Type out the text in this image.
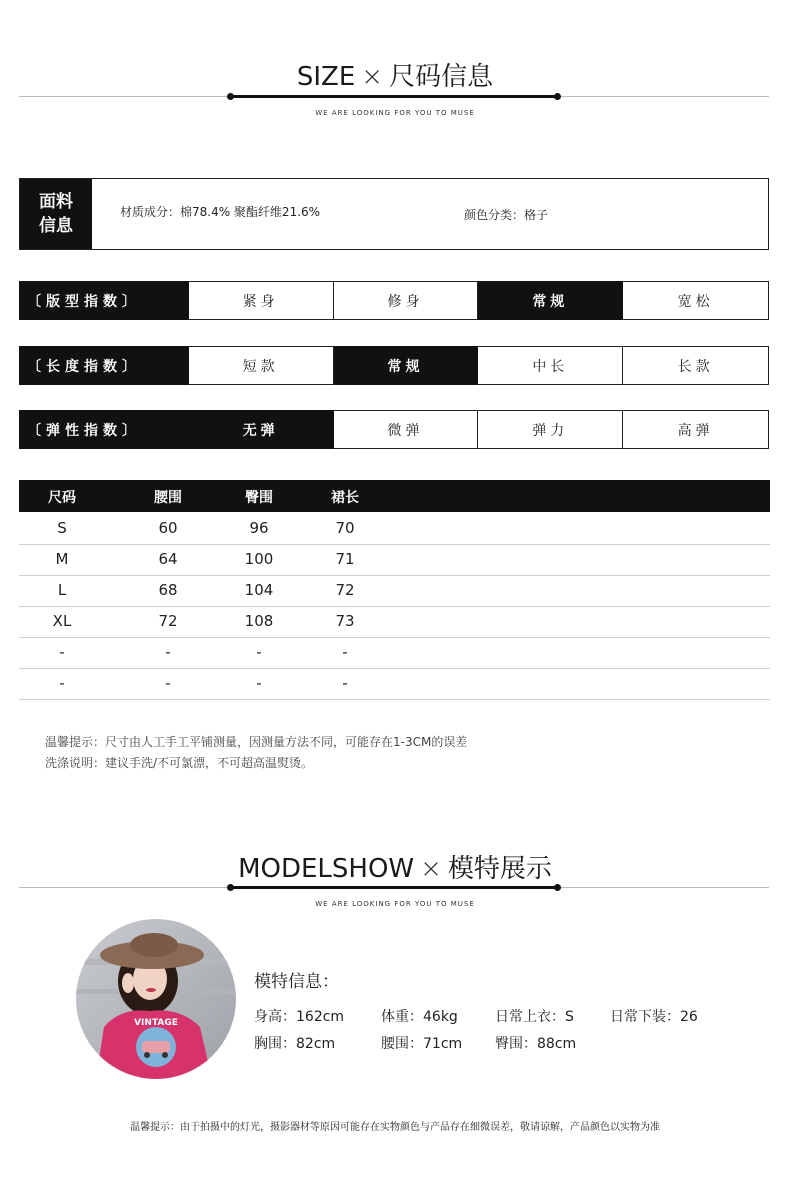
SIZE × 尺码信息
WE ARE LOOKING FOR YOU TO MUSE
面料
信息
材质成分：棉78.4% 聚酯纤维21.6%	颜色分类：格子
〔版型指数〕	紧身	修身	常规	宽松
〔长度指数〕	短款	常规	中长	长款
〔弹性指数〕	无弹	微弹	弹力	高弹
尺码	腰围	臀围	裙长
S	60	96	70
M	64	100	71
L	68	104	72
XL	72	108	73
-	-	-	-
-	-	-	-
温馨提示：尺寸由人工手工平铺测量，因测量方法不同，可能存在1-3CM的误差
洗涤说明：建议手洗/不可氯漂，不可超高温熨烫。
MODELSHOW × 模特展示
WE ARE LOOKING FOR YOU TO MUSE
VINTAGE
模特信息：
身高：162cm	体重：46kg	日常上衣：S	日常下装：26
胸围：82cm	腰围：71cm 臀围：88cm
温馨提示：由于拍摄中的灯光，摄影器材等原因可能存在实物颜色与产品存在细微误差，敬请谅解，产品颜色以实物为准
